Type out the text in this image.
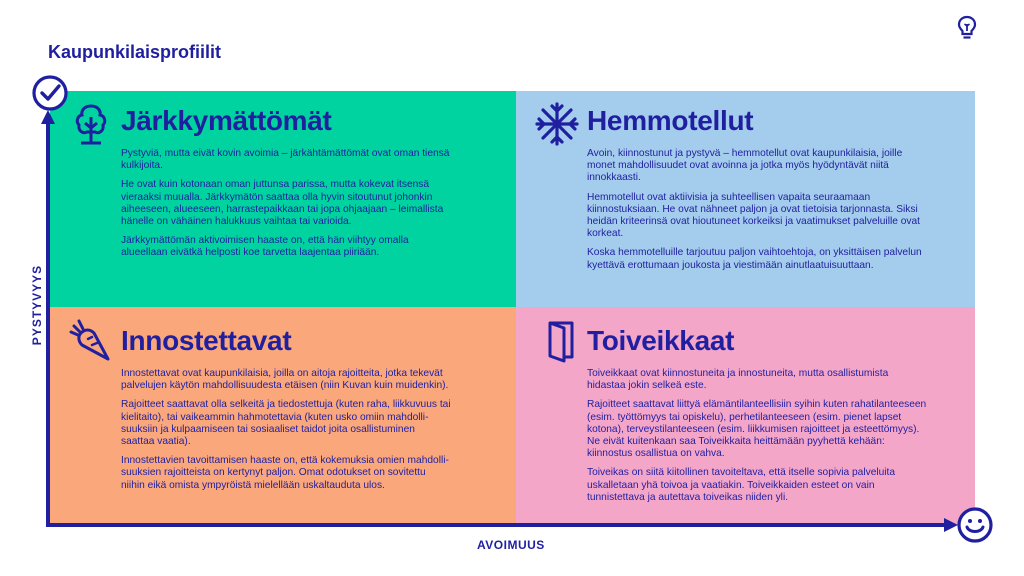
Kaupunkilaisprofiilit
Järkkymättömät

Pystyviä, mutta eivät kovin avoimia – järkähtämättömät ovat oman tiensä kulkijoita.

He ovat kuin kotonaan oman juttunsa parissa, mutta kokevat itsensä vieraaksi muualla. Järkkymätön saattaa olla hyvin sitoutunut johonkin aiheeseen, alueeseen, harrastepaikkaan tai jopa ohjaajaan – leimallista hänelle on vähäinen halukkuus vaihtaa tai varioida.

Järkkymättömän aktivoimisen haaste on, että hän viihtyy omalla alueellaan eivätkä helposti koe tarvetta laajentaa piiriään.

Hemmotellut

Avoin, kiinnostunut ja pystyvä – hemmotellut ovat kaupunkilaisia, joille monet mahdollisuudet ovat avoinna ja jotka myös hyödyntävät niitä innokkaasti.

Hemmotellut ovat aktiivisia ja suhteellisen vapaita seuraamaan kiinnostuksiaan. He ovat nähneet paljon ja ovat tietoisia tarjonnasta. Siksi heidän kriteerinsä ovat hioutuneet korkeiksi ja vaatimukset palveluille ovat korkeat.

Koska hemmotelluille tarjoutuu paljon vaihtoehtoja, on yksittäisen palvelun kyettävä erottumaan joukosta ja viestimään ainutlaatuisuuttaan.

Innostettavat

Innostettavat ovat kaupunkilaisia, joilla on aitoja rajoitteita, jotka tekevät palvelujen käytön mahdollisuudesta etäisen (niin Kuvan kuin muidenkin).

Rajoitteet saattavat olla selkeitä ja tiedostettuja (kuten raha, liikkuvuus tai kielitaito), tai vaikeammin hahmotettavia (kuten usko omiin mahdollisuuksiin ja kulpaamiseen tai sosiaaliset taidot joita osallistuminen saattaa vaatia).

Innostettavien tavoittamisen haaste on, että kokemuksia omien mahdollisuuksien rajoitteista on kertynyt paljon. Omat odotukset on sovitettu niihin eikä omista ympyröistä mielellään uskaltauduta ulos.

Toiveikkaat

Toiveikkaat ovat kiinnostuneita ja innostuneita, mutta osallistumista hidastaa jokin selkeä este.

Rajoitteet saattavat liittyä elämäntilanteellisiin syihin kuten rahatilanteeseen (esim. työttömyys tai opiskelu), perhetilanteeseen (esim. pienet lapset kotona), terveystilanteeseen (esim. liikkumisen rajoitteet ja esteettömyys). Ne eivät kuitenkaan saa Toiveikkaita heittämään pyyhettä kehään: kiinnostus osallistua on vahva.

Toiveikas on siitä kiitollinen tavoiteltava, että itselle sopivia palveluita uskalletaan yhä toivoa ja vaatiakin. Toiveikkaiden esteet on vain tunnistettava ja autettava toiveikas niiden yli.

PYSTYVYYS
AVOIMUUS
